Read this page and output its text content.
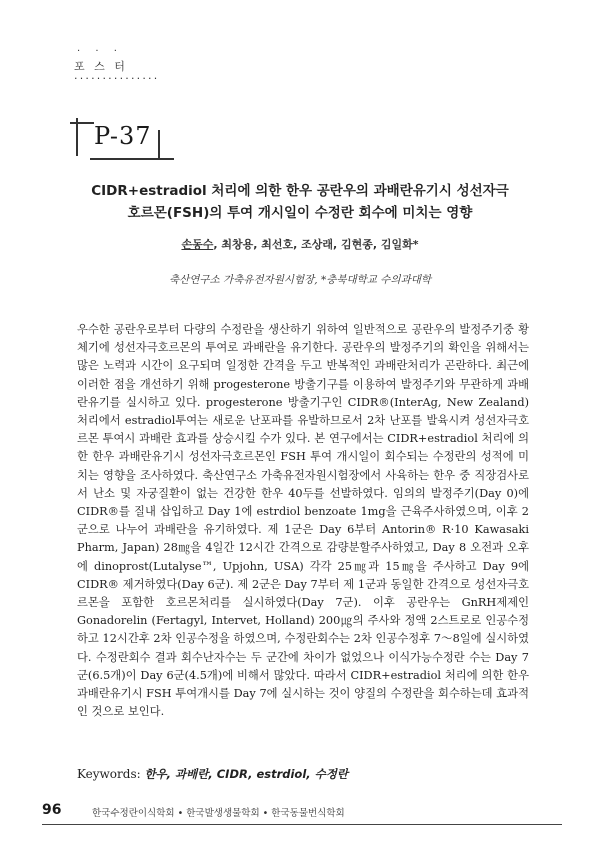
· · ·
포 스 터
···············
P-37
CIDR+estradiol 처리에 의한 한우 공란우의 과배란유기시 성선자극
호르몬(FSH)의 투여 개시일이 수정란 회수에 미치는 영향
손동수, 최창용, 최선호, 조상래, 김현종, 김일화*
축산연구소 가축유전자원시험장, *충북대학교 수의과대학

우수한 공란우로부터 다량의 수정란을 생산하기 위하여 일반적으로 공란우의 발정주기중 황체기에 성선자극호르몬의 투여로 과배란을 유기한다. 공란우의 발정주기의 확인을 위해서는 많은 노력과 시간이 요구되며 일정한 간격을 두고 반복적인 과배란처리가 곤란하다. 최근에 이러한 점을 개선하기 위해 progesterone 방출기구를 이용하여 발정주기와 무관하게 과배란유기를 실시하고 있다. progesterone 방출기구인 CIDR®(InterAg, New Zealand) 처리에서 estradiol투여는 새로운 난포파를 유발하므로서 2차 난포를 발육시켜 성선자극호르몬 투여시 과배란 효과를 상승시킬 수가 있다. 본 연구에서는 CIDR+estradiol 처리에 의한 한우 과배란유기시 성선자극호르몬인 FSH 투여 개시일이 회수되는 수정란의 성적에 미치는 영향을 조사하였다. 축산연구소 가축유전자원시험장에서 사육하는 한우 중 직장검사로서 난소 및 자궁질환이 없는 건강한 한우 40두를 선발하였다. 임의의 발정주기(Day 0)에 CIDR®를 질내 삽입하고 Day 1에 estrdiol benzoate 1mg을 근육주사하였으며, 이후 2군으로 나누어 과배란을 유기하였다. 제 1군은 Day 6부터 Antorin® R·10 Kawasaki Pharm, Japan) 28㎎을 4일간 12시간 간격으로 감량분할주사하였고, Day 8 오전과 오후에 dinoprost(Lutalyse™, Upjohn, USA) 각각 25㎎과 15㎎을 주사하고 Day 9에 CIDR® 제거하였다(Day 6군). 제 2군은 Day 7부터 제 1군과 동일한 간격으로 성선자극호르몬을 포함한 호르몬처리를 실시하였다(Day 7군). 이후 공란우는 GnRH제제인 Gonadorelin (Fertagyl, Intervet, Holland) 200㎍의 주사와 정액 2스트로로 인공수정하고 12시간후 2차 인공수정을 하였으며, 수정란회수는 2차 인공수정후 7～8일에 실시하였다. 수정란회수 결과 회수난자수는 두 군간에 차이가 없었으나 이식가능수정란 수는 Day 7군(6.5개)이 Day 6군(4.5개)에 비해서 많았다. 따라서 CIDR+estradiol 처리에 의한 한우 과배란유기시 FSH 투여개시를 Day 7에 실시하는 것이 양질의 수정란을 회수하는데 효과적인 것으로 보인다.

Keywords: 한우, 과배란, CIDR, estrdiol, 수정란
96	한국수정란이식학회 • 한국발생생물학회 • 한국동물번식학회
